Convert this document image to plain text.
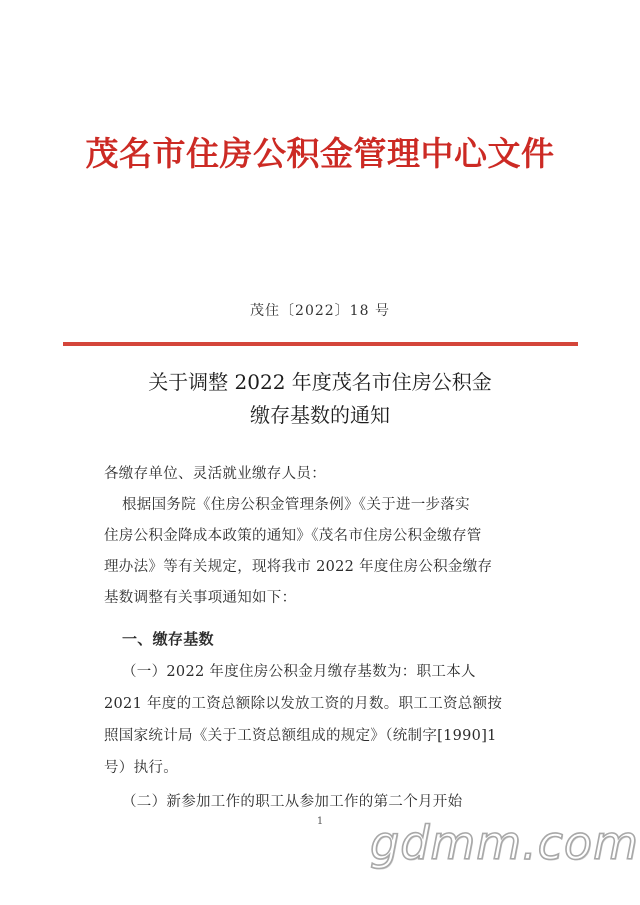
茂名市住房公积金管理中心文件
茂住〔2022〕18 号
关于调整 2022 年度茂名市住房公积金
缴存基数的通知
各缴存单位、灵活就业缴存人员：
根据国务院《住房公积金管理条例》《关于进一步落实
住房公积金降成本政策的通知》《茂名市住房公积金缴存管
理办法》等有关规定，现将我市 2022 年度住房公积金缴存
基数调整有关事项通知如下：
一、缴存基数
（一）2022 年度住房公积金月缴存基数为：职工本人
2021 年度的工资总额除以发放工资的月数。职工工资总额按
照国家统计局《关于工资总额组成的规定》（统制字[1990]1
号）执行。
（二）新参加工作的职工从参加工作的第二个月开始
1	gdmm.com
